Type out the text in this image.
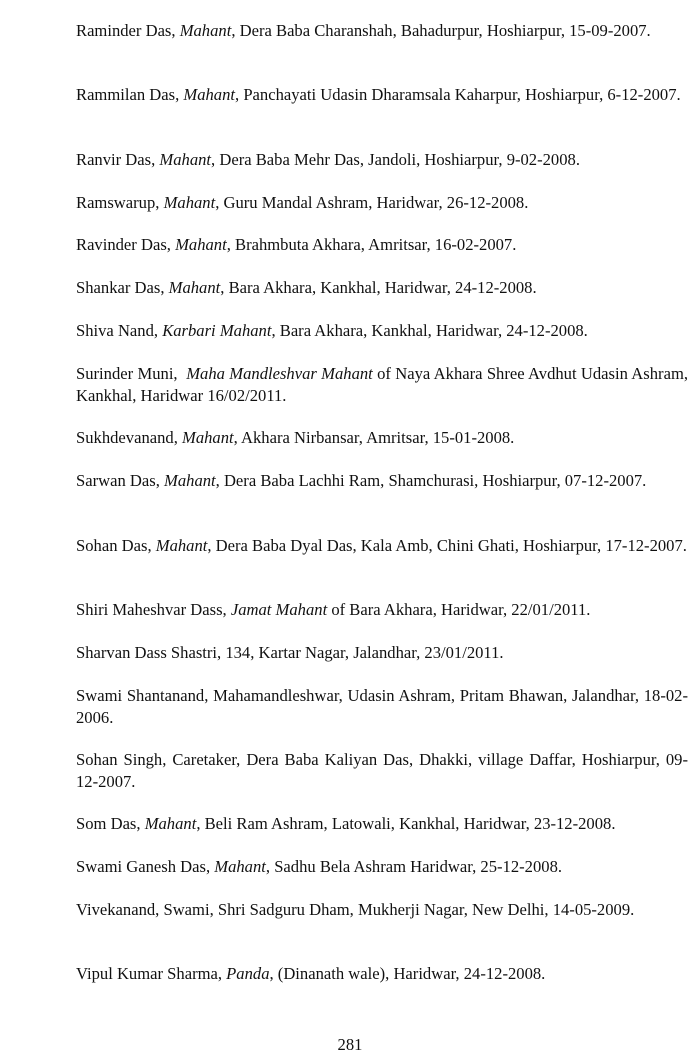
Raminder Das, Mahant, Dera Baba Charanshah, Bahadurpur, Hoshiarpur, 15-09-2007.

Rammilan Das, Mahant, Panchayati Udasin Dharamsala Kaharpur, Hoshiarpur, 6-12-2007.

Ranvir Das, Mahant, Dera Baba Mehr Das, Jandoli, Hoshiarpur, 9-02-2008.

Ramswarup, Mahant, Guru Mandal Ashram, Haridwar, 26-12-2008.

Ravinder Das, Mahant, Brahmbuta Akhara, Amritsar, 16-02-2007.

Shankar Das, Mahant, Bara Akhara, Kankhal, Haridwar, 24-12-2008.

Shiva Nand, Karbari Mahant, Bara Akhara, Kankhal, Haridwar, 24-12-2008.

Surinder Muni,  Maha Mandleshvar Mahant of Naya Akhara Shree Avdhut Udasin Ashram, Kankhal, Haridwar 16/02/2011.

Sukhdevanand, Mahant, Akhara Nirbansar, Amritsar, 15-01-2008.

Sarwan Das, Mahant, Dera Baba Lachhi Ram, Shamchurasi, Hoshiarpur, 07-12-2007.

Sohan Das, Mahant, Dera Baba Dyal Das, Kala Amb, Chini Ghati, Hoshiarpur, 17-12-2007.

Shiri Maheshvar Dass, Jamat Mahant of Bara Akhara, Haridwar, 22/01/2011.

Sharvan Dass Shastri, 134, Kartar Nagar, Jalandhar, 23/01/2011.

Swami Shantanand, Mahamandleshwar, Udasin Ashram, Pritam Bhawan, Jalandhar, 18-02-2006.

Sohan Singh, Caretaker, Dera Baba Kaliyan Das, Dhakki, village Daffar, Hoshiarpur, 09-12-2007.

Som Das, Mahant, Beli Ram Ashram, Latowali, Kankhal, Haridwar, 23-12-2008.

Swami Ganesh Das, Mahant, Sadhu Bela Ashram Haridwar, 25-12-2008.

Vivekanand, Swami, Shri Sadguru Dham, Mukherji Nagar, New Delhi, 14-05-2009.

Vipul Kumar Sharma, Panda, (Dinanath wale), Haridwar, 24-12-2008.

281
